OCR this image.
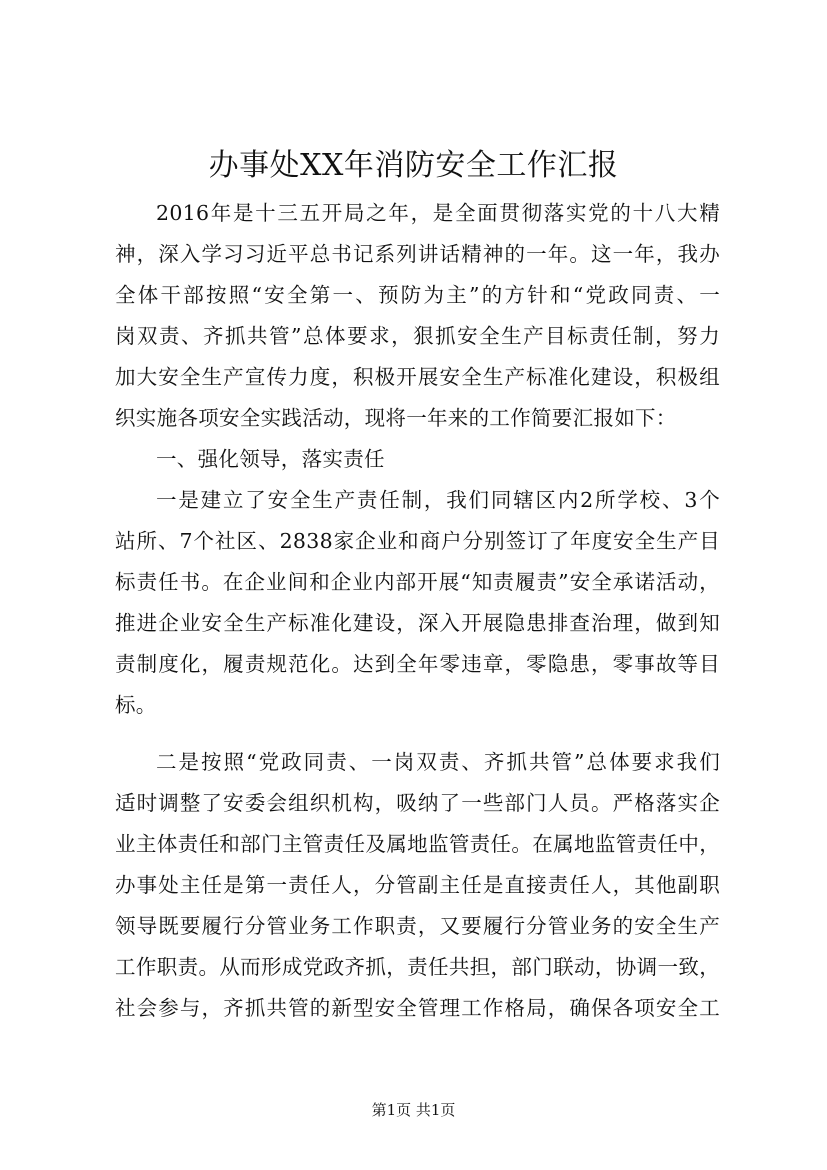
办事处XX年消防安全工作汇报
2016年是十三五开局之年，是全面贯彻落实党的十八大精
神，深入学习习近平总书记系列讲话精神的一年。这一年，我办
全体干部按照“安全第一、预防为主”的方针和“党政同责、一
岗双责、齐抓共管”总体要求，狠抓安全生产目标责任制，努力
加大安全生产宣传力度，积极开展安全生产标准化建设，积极组
织实施各项安全实践活动，现将一年来的工作简要汇报如下：
一、强化领导，落实责任
一是建立了安全生产责任制，我们同辖区内2所学校、3个
站所、7个社区、2838家企业和商户分别签订了年度安全生产目
标责任书。在企业间和企业内部开展“知责履责”安全承诺活动，
推进企业安全生产标准化建设，深入开展隐患排查治理，做到知
责制度化，履责规范化。达到全年零违章，零隐患，零事故等目
标。
二是按照“党政同责、一岗双责、齐抓共管”总体要求我们
适时调整了安委会组织机构，吸纳了一些部门人员。严格落实企
业主体责任和部门主管责任及属地监管责任。在属地监管责任中，
办事处主任是第一责任人，分管副主任是直接责任人，其他副职
领导既要履行分管业务工作职责，又要履行分管业务的安全生产
工作职责。从而形成党政齐抓，责任共担，部门联动，协调一致，
社会参与，齐抓共管的新型安全管理工作格局，确保各项安全工
第1页 共1页
